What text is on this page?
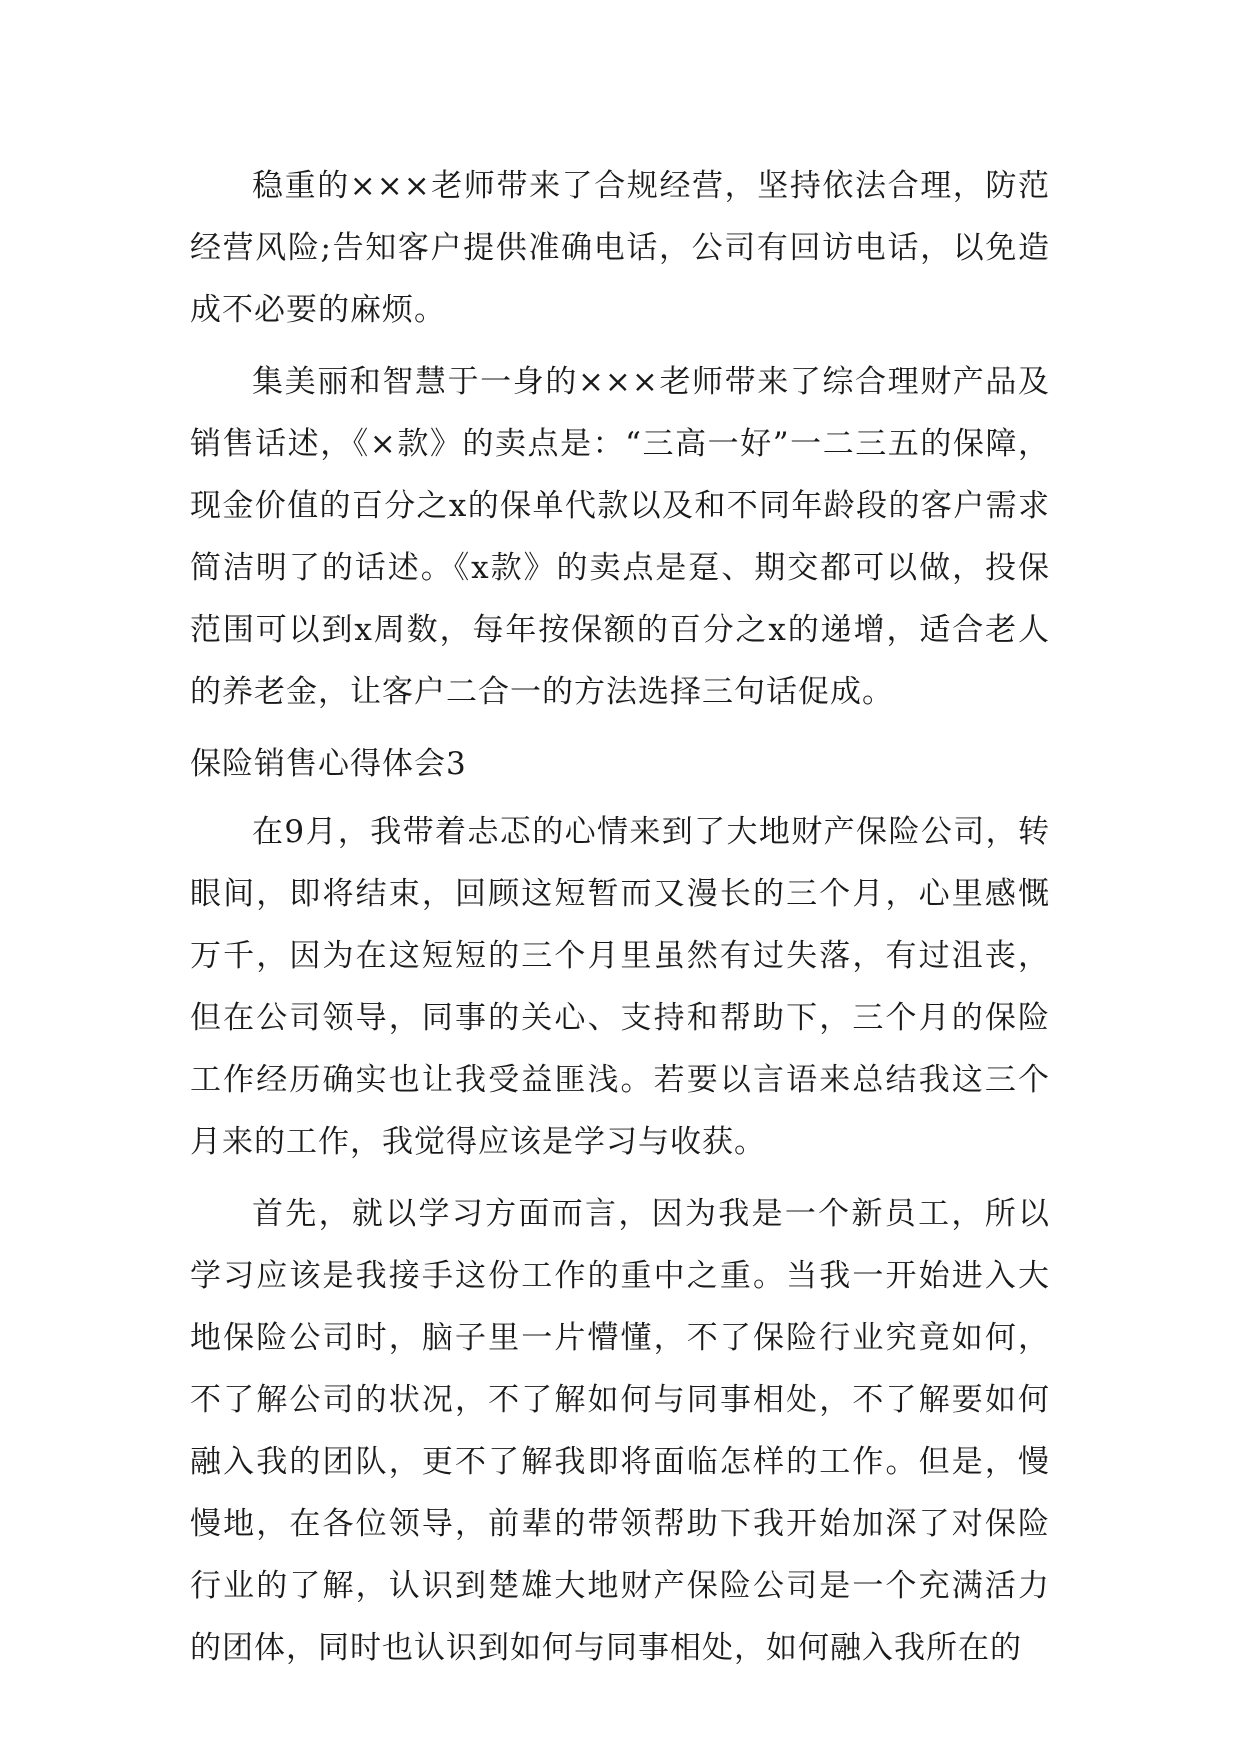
稳重的×××老师带来了合规经营，坚持依法合理，防范经营风险;告知客户提供准确电话，公司有回访电话，以免造成不必要的麻烦。

集美丽和智慧于一身的×××老师带来了综合理财产品及销售话述，《×款》的卖点是：“三高一好”一二三五的保障，现金价值的百分之x的保单代款以及和不同年龄段的客户需求简洁明了的话述。《x款》的卖点是趸、期交都可以做，投保范围可以到x周数，每年按保额的百分之x的递增，适合老人的养老金，让客户二合一的方法选择三句话促成。

保险销售心得体会3

在9月，我带着忐忑的心情来到了大地财产保险公司，转眼间，即将结束，回顾这短暂而又漫长的三个月，心里感慨万千，因为在这短短的三个月里虽然有过失落，有过沮丧，但在公司领导，同事的关心、支持和帮助下，三个月的保险工作经历确实也让我受益匪浅。若要以言语来总结我这三个月来的工作，我觉得应该是学习与收获。

首先，就以学习方面而言，因为我是一个新员工，所以学习应该是我接手这份工作的重中之重。当我一开始进入大地保险公司时，脑子里一片懵懂，不了保险行业究竟如何，不了解公司的状况，不了解如何与同事相处，不了解要如何融入我的团队，更不了解我即将面临怎样的工作。但是，慢慢地，在各位领导，前辈的带领帮助下我开始加深了对保险行业的了解，认识到楚雄大地财产保险公司是一个充满活力的团体，同时也认识到如何与同事相处，如何融入我所在的
